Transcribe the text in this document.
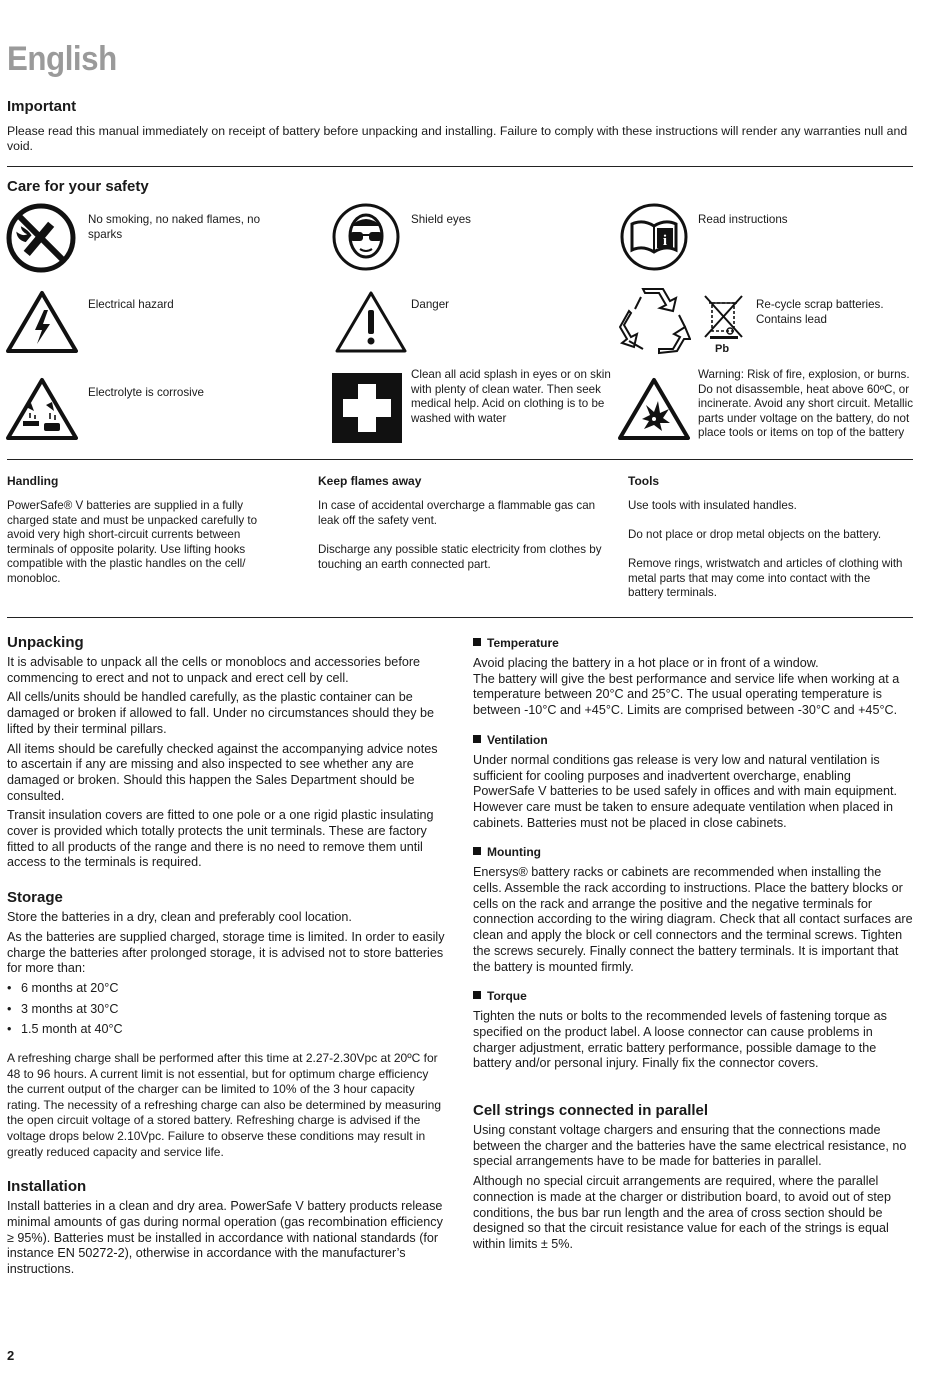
English
Important
Please read this manual immediately on receipt of battery before unpacking and installing. Failure to comply with these instructions will render any warranties null and void.
Care for your safety
No smoking, no naked flames, no sparks
Shield eyes
i
Read instructions
Electrical hazard	Danger
Pb
Re-cycle scrap batteries. Contains lead
Electrolyte is corrosive
Clean all acid splash in eyes or on skin with plenty of clean water. Then seek medical help. Acid on clothing is to be washed with water
Warning: Risk of fire, explosion, or burns. Do not disassemble, heat above 60ºC, or incinerate. Avoid any short circuit. Metallic parts under voltage on the battery, do not place tools or items on top of the battery
Handling
PowerSafe® V batteries are supplied in a fully charged state and must be unpacked carefully to avoid very high short-circuit currents between terminals of opposite polarity. Use lifting hooks compatible with the plastic handles on the cell/ monobloc.
Keep flames away
In case of accidental overcharge a flammable gas can leak off the safety vent.
Discharge any possible static electricity from clothes by touching an earth connected part.
Tools
Use tools with insulated handles.
Do not place or drop metal objects on the battery.
Remove rings, wristwatch and articles of clothing with metal parts that may come into contact with the battery terminals.
Unpacking

It is advisable to unpack all the cells or monoblocs and accessories before commencing to erect and not to unpack and erect cell by cell.

All cells/units should be handled carefully, as the plastic container can be damaged or broken if allowed to fall. Under no circumstances should they be lifted by their terminal pillars.

All items should be carefully checked against the accompanying advice notes to ascertain if any are missing and also inspected to see whether any are damaged or broken. Should this happen the Sales Department should be consulted.

Transit insulation covers are fitted to one pole or a one rigid plastic insulating cover is provided which totally protects the unit terminals. These are factory fitted to all products of the range and there is no need to remove them until access to the terminals is required.

Storage

Store the batteries in a dry, clean and preferably cool location.

As the batteries are supplied charged, storage time is limited. In order to easily charge the batteries after prolonged storage, it is advised not to store batteries for more than:

• 6 months at 20°C
• 3 months at 30°C
• 1.5 month at 40°C
A refreshing charge shall be performed after this time at 2.27-2.30Vpc at 20ºC for 48 to 96 hours. A current limit is not essential, but for optimum charge efficiency the current output of the charger can be limited to 10% of the 3 hour capacity rating. The necessity of a refreshing charge can also be determined by measuring the open circuit voltage of a stored battery. Refreshing charge is advised if the voltage drops below 2.10Vpc. Failure to observe these conditions may result in greatly reduced capacity and service life.
Installation

Install batteries in a clean and dry area. PowerSafe V battery products release minimal amounts of gas during normal operation (gas recombination efficiency ≥ 95%). Batteries must be installed in accordance with national standards (for instance EN 50272-2), otherwise in accordance with the manufacturer’s instructions.

Temperature

Avoid placing the battery in a hot place or in front of a window.

The battery will give the best performance and service life when working at a temperature between 20°C and 25°C. The usual operating temperature is between -10°C and +45°C. Limits are comprised between -30°C and +45°C.

Ventilation

Under normal conditions gas release is very low and natural ventilation is sufficient for cooling purposes and inadvertent overcharge, enabling PowerSafe V batteries to be used safely in offices and with main equipment. However care must be taken to ensure adequate ventilation when placed in cabinets. Batteries must not be placed in close cabinets.

Mounting

Enersys® battery racks or cabinets are recommended when installing the cells. Assemble the rack according to instructions. Place the battery blocks or cells on the rack and arrange the positive and the negative terminals for connection according to the wiring diagram. Check that all contact surfaces are clean and apply the block or cell connectors and the terminal screws. Tighten the screws securely. Finally connect the battery terminals. It is important that the battery is mounted firmly.

Torque

Tighten the nuts or bolts to the recommended levels of fastening torque as specified on the product label. A loose connector can cause problems in charger adjustment, erratic battery performance, possible damage to the battery and/or personal injury. Finally fix the connector covers.

Cell strings connected in parallel

Using constant voltage chargers and ensuring that the connections made between the charger and the batteries have the same electrical resistance, no special arrangements have to be made for batteries in parallel.

Although no special circuit arrangements are required, where the parallel connection is made at the charger or distribution board, to avoid out of step conditions, the bus bar run length and the area of cross section should be designed so that the circuit resistance value for each of the strings is equal within limits ± 5%.

2
